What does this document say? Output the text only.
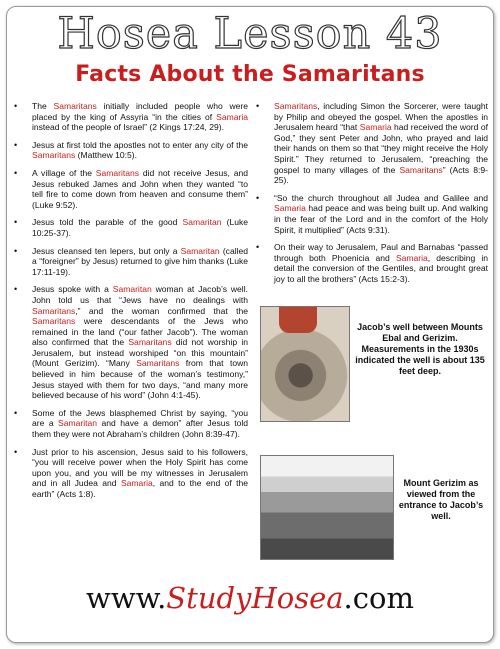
Hosea Lesson 43
Facts About the Samaritans
• The Samaritans initially included people who were placed by the king of Assyria “in the cities of Samaria instead of the people of Israel” (2 Kings 17:24, 29).
• Jesus at first told the apostles not to enter any city of the Samaritans (Matthew 10:5).
• A village of the Samaritans did not receive Jesus, and Jesus rebuked James and John when they wanted “to tell fire to come down from heaven and consume them” (Luke 9:52).
• Jesus told the parable of the good Samaritan (Luke 10:25-37).
• Jesus cleansed ten lepers, but only a Samaritan (called a “foreigner” by Jesus) returned to give him thanks (Luke 17:11-19).
• Jesus spoke with a Samaritan woman at Jacob’s well. John told us that “Jews have no dealings with Samaritans,” and the woman confirmed that the Samaritans were descendants of the Jews who remained in the land (“our father Jacob”). The woman also confirmed that the Samaritans did not worship in Jerusalem, but instead worshiped “on this mountain” (Mount Gerizim). “Many Samaritans from that town believed in him because of the woman’s testimony,” Jesus stayed with them for two days, “and many more believed because of his word” (John 4:1-45).
• Some of the Jews blasphemed Christ by saying, “you are a Samaritan and have a demon” after Jesus told them they were not Abraham’s children (John 8:39-47).
• Just prior to his ascension, Jesus said to his followers, “you will receive power when the Holy Spirit has come upon you, and you will be my witnesses in Jerusalem and in all Judea and Samaria, and to the end of the earth” (Acts 1:8).
• Samaritans, including Simon the Sorcerer, were taught by Philip and obeyed the gospel. When the apostles in Jerusalem heard “that Samaria had received the word of God,” they sent Peter and John, who prayed and laid their hands on them so that “they might receive the Holy Spirit.” They returned to Jerusalem, “preaching the gospel to many villages of the Samaritans” (Acts 8:9-25).
• “So the church throughout all Judea and Galilee and Samaria had peace and was being built up. And walking in the fear of the Lord and in the comfort of the Holy Spirit, it multiplied” (Acts 9:31).
• On their way to Jerusalem, Paul and Barnabas “passed through both Phoenicia and Samaria, describing in detail the conversion of the Gentiles, and brought great joy to all the brothers” (Acts 15:2-3).
Jacob’s well between Mounts Ebal and Gerizim. Measurements in the 1930s indicated the well is about 135 feet deep.
Mount Gerizim as viewed from the entrance to Jacob’s well.
www.StudyHosea.com
